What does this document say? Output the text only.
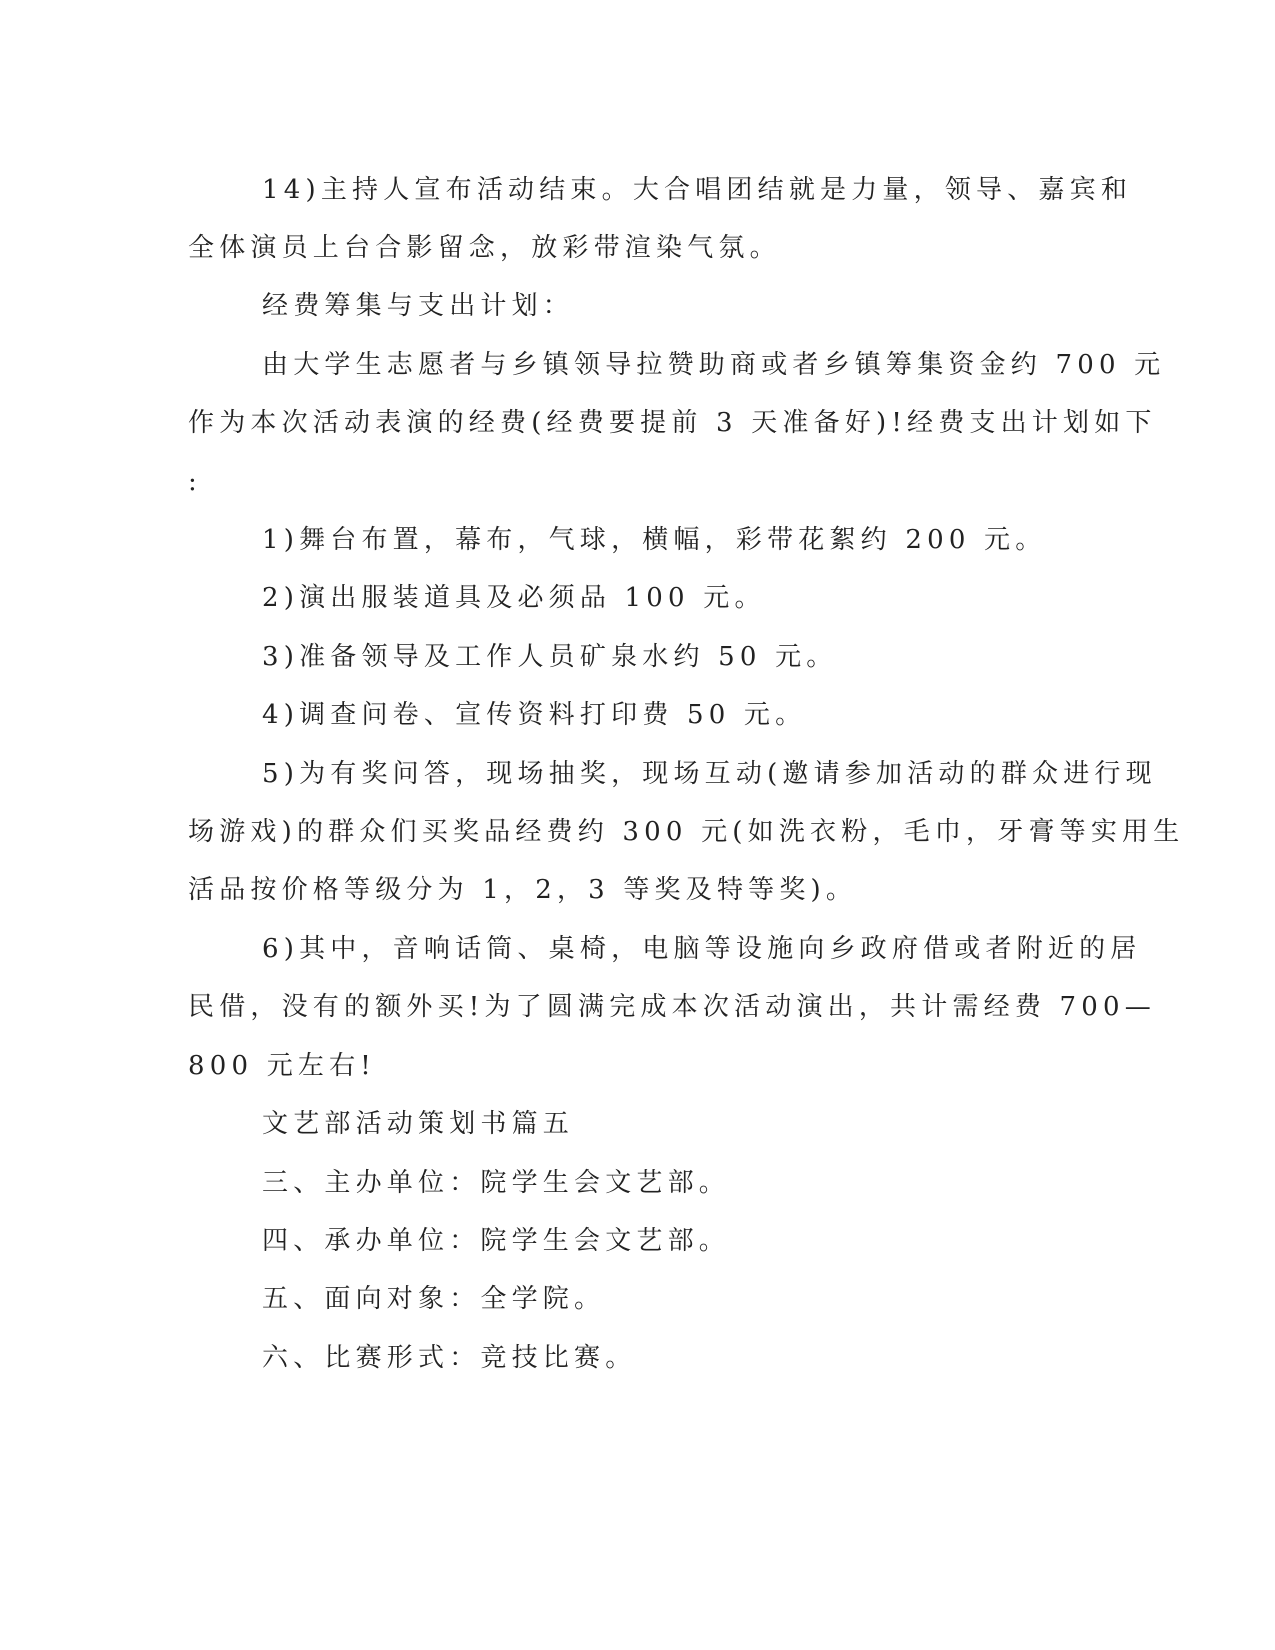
14)主持人宣布活动结束。大合唱团结就是力量，领导、嘉宾和
全体演员上台合影留念，放彩带渲染气氛。
经费筹集与支出计划：
由大学生志愿者与乡镇领导拉赞助商或者乡镇筹集资金约 700 元
作为本次活动表演的经费(经费要提前 3 天准备好)!经费支出计划如下
:
1)舞台布置，幕布，气球，横幅，彩带花絮约 200 元。
2)演出服装道具及必须品 100 元。
3)准备领导及工作人员矿泉水约 50 元。
4)调查问卷、宣传资料打印费 50 元。
5)为有奖问答，现场抽奖，现场互动(邀请参加活动的群众进行现
场游戏)的群众们买奖品经费约 300 元(如洗衣粉，毛巾，牙膏等实用生
活品按价格等级分为 1，2，3 等奖及特等奖)。
6)其中，音响话筒、桌椅，电脑等设施向乡政府借或者附近的居
民借，没有的额外买!为了圆满完成本次活动演出，共计需经费 700—
800 元左右!
文艺部活动策划书篇五
三、主办单位：院学生会文艺部。
四、承办单位：院学生会文艺部。
五、面向对象：全学院。
六、比赛形式：竞技比赛。
